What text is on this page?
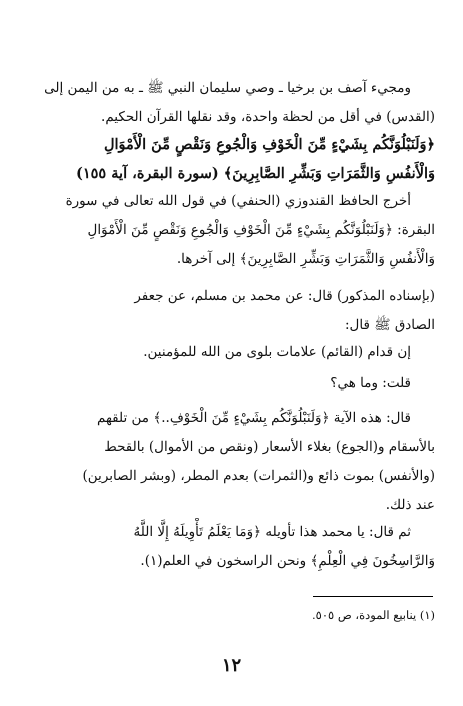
ومجيء آصف بن برخيا ـ وصي سليمان النبي ﷺ ـ به من اليمن إلى
(القدس) في أقل من لحظة واحدة، وقد نقلها القرآن الحكيم.

﴿وَلَنَبْلُوَنَّكُم بِشَيْءٍ مِّنَ الْخَوْفِ وَالْجُوعِ وَنَقْصٍ مِّنَ الْأَمْوَالِ
وَالْأَنفُسِ وَالثَّمَرَاتِ وَبَشِّرِ الصَّابِرِينَ﴾ (سورة البقرة، آية ١٥٥)

أخرج الحافظ القندوزي (الحنفي) في قول الله تعالى في سورة
البقرة: ﴿وَلَنَبْلُوَنَّكُم بِشَيْءٍ مِّنَ الْخَوْفِ وَالْجُوعِ وَنَقْصٍ مِّنَ الْأَمْوَالِ
وَالْأَنفُسِ وَالثَّمَرَاتِ وَبَشِّرِ الصَّابِرِينَ﴾ إلى آخرها.

(بإسناده المذكور) قال: عن محمد بن مسلم، عن جعفر
الصادق ﷺ قال:

إن قدام (القائم) علامات بلوى من الله للمؤمنين.

قلت: وما هي؟

قال: هذه الآية ﴿وَلَنَبْلُوَنَّكُم بِشَيْءٍ مِّنَ الْخَوْفِ..﴾ من تلقهم
بالأسقام و(الجوع) بغلاء الأسعار (ونقص من الأموال) بالقحط
(والأنفس) بموت ذائع و(الثمرات) بعدم المطر، (وبشر الصابرين)
عند ذلك.

ثم قال: يا محمد هذا تأويله ﴿وَمَا يَعْلَمُ تَأْوِيلَهُ إِلَّا اللَّهُ
وَالرَّاسِخُونَ فِي الْعِلْمِ﴾ ونحن الراسخون في العلم(١).

(١) ينابيع المودة، ص ٥٠٥.

١٢
